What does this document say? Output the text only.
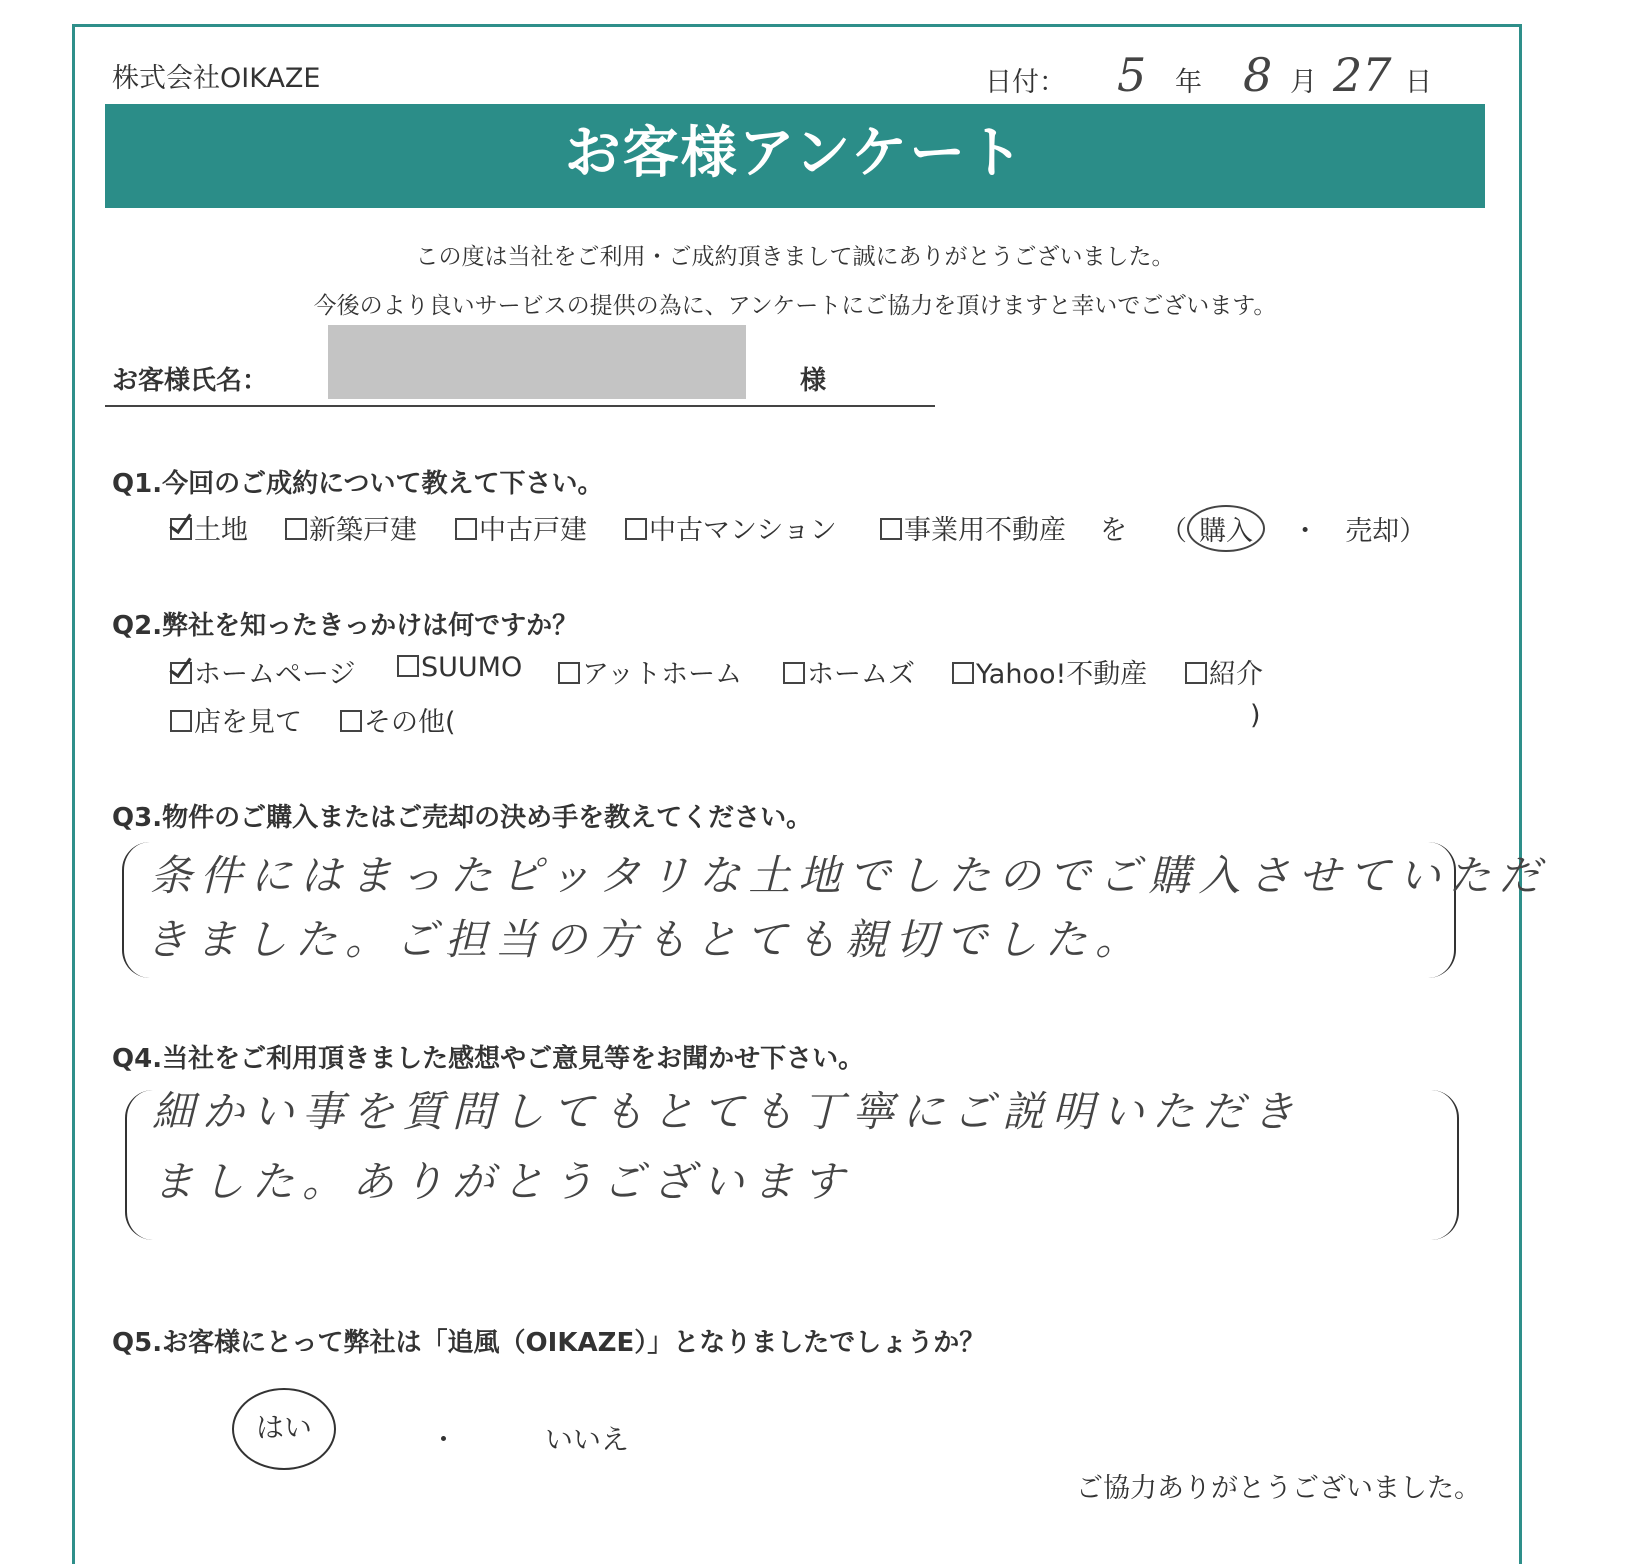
株式会社OIKAZE	日付： 5 年 8 月 27 日
お客様アンケート
この度は当社をご利用・ご成約頂きまして誠にありがとうございました。
今後のより良いサービスの提供の為に、アンケートにご協力を頂けますと幸いでございます。
お客様氏名：	様
Q1.今回のご成約について教えて下さい。
土地	新築戸建	中古戸建	中古マンション	事業用不動産 を （ 購入 ・ 売却）
Q2.弊社を知ったきっかけは何ですか？
ホームページ	SUUMO	アットホーム	ホームズ	Yahoo!不動産	紹介
店を見て	その他(	)
Q3.物件のご購入またはご売却の決め手を教えてください。
条件にはまったピッタリな土地でしたのでご購入させていただ
きました。ご担当の方もとても親切でした。
Q4.当社をご利用頂きました感想やご意見等をお聞かせ下さい。
細かい事を質問してもとても丁寧にご説明いただき
ました。ありがとうございます
Q5.お客様にとって弊社は「追風（OIKAZE）」となりましたでしょうか？
はい	・	いいえ
ご協力ありがとうございました。
